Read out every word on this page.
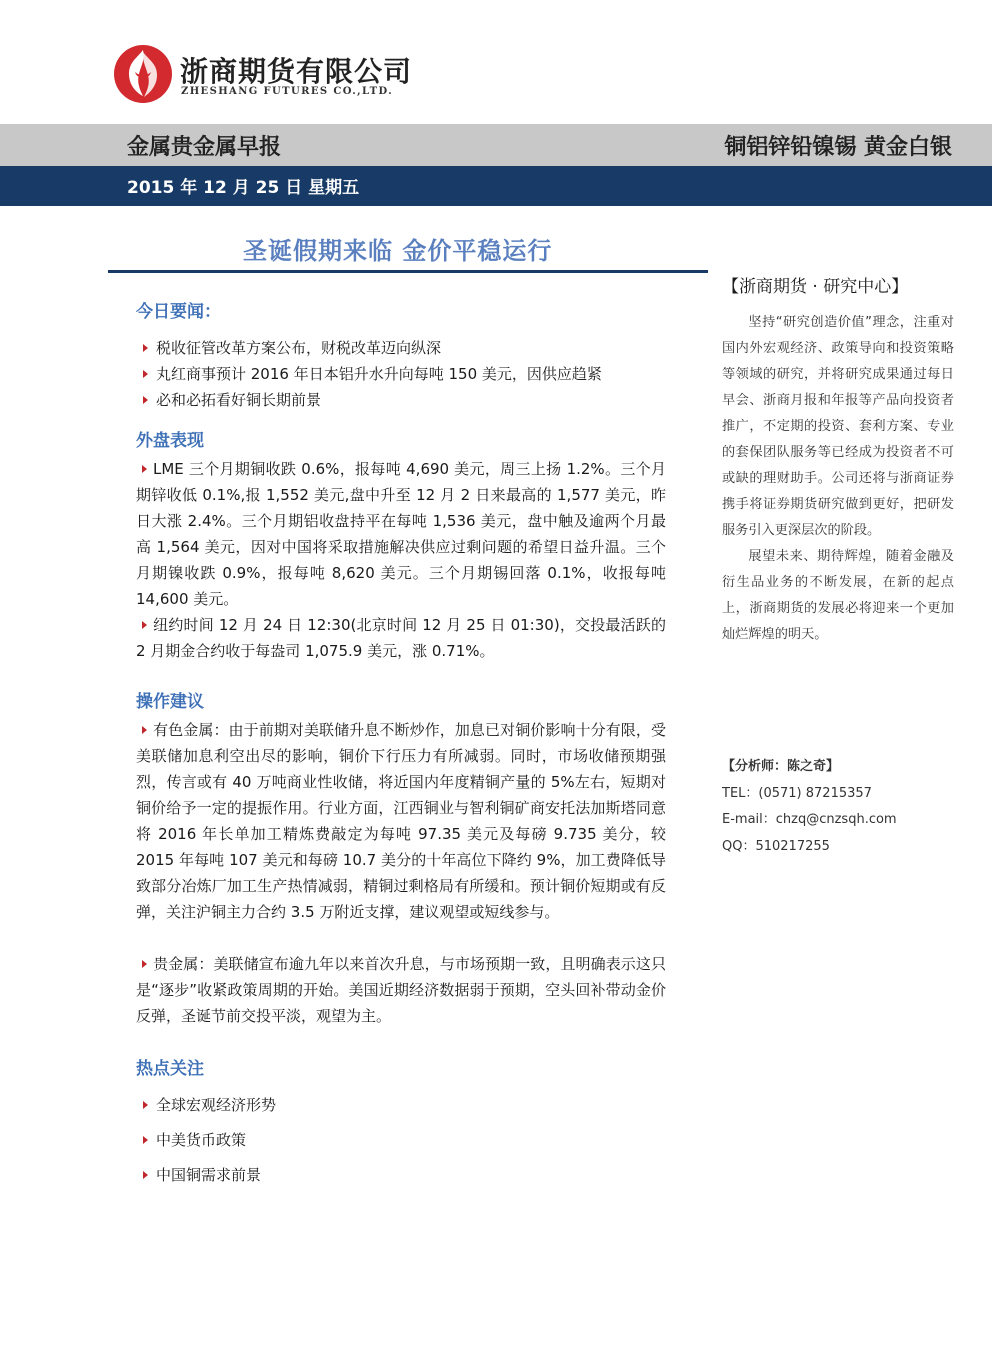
浙商期货有限公司
ZHESHANG FUTURES CO.,LTD.
金属贵金属早报	铜铝锌铅镍锡 黄金白银
2015 年 12 月 25 日 星期五
圣诞假期来临 金价平稳运行
今日要闻：
税收征管改革方案公布，财税改革迈向纵深
丸红商事预计 2016 年日本铝升水升向每吨 150 美元，因供应趋紧
必和必拓看好铜长期前景
外盘表现

LME 三个月期铜收跌 0.6%，报每吨 4,690 美元，周三上扬 1.2%。三个月期锌收低 0.1%,报 1,552 美元,盘中升至 12 月 2 日来最高的 1,577 美元，昨日大涨 2.4%。三个月期铝收盘持平在每吨 1,536 美元，盘中触及逾两个月最高 1,564 美元，因对中国将采取措施解决供应过剩问题的希望日益升温。三个月期镍收跌 0.9%，报每吨 8,620 美元。三个月期锡回落 0.1%，收报每吨 14,600 美元。

纽约时间 12 月 24 日 12:30(北京时间 12 月 25 日 01:30)，交投最活跃的 2 月期金合约收于每盎司 1,075.9 美元，涨 0.71%。

操作建议

有色金属：由于前期对美联储升息不断炒作，加息已对铜价影响十分有限，受美联储加息利空出尽的影响，铜价下行压力有所减弱。同时，市场收储预期强烈，传言或有 40 万吨商业性收储，将近国内年度精铜产量的 5%左右，短期对铜价给予一定的提振作用。行业方面，江西铜业与智利铜矿商安托法加斯塔同意将 2016 年长单加工精炼费敲定为每吨 97.35 美元及每磅 9.735 美分，较 2015 年每吨 107 美元和每磅 10.7 美分的十年高位下降约 9%，加工费降低导致部分冶炼厂加工生产热情减弱，精铜过剩格局有所缓和。预计铜价短期或有反弹，关注沪铜主力合约 3.5 万附近支撑，建议观望或短线参与。

贵金属：美联储宣布逾九年以来首次升息，与市场预期一致，且明确表示这只是“逐步”收紧政策周期的开始。美国近期经济数据弱于预期，空头回补带动金价反弹，圣诞节前交投平淡，观望为主。

热点关注
全球宏观经济形势
中美货币政策
中国铜需求前景
【浙商期货 · 研究中心】

坚持“研究创造价值”理念，注重对国内外宏观经济、政策导向和投资策略等领域的研究，并将研究成果通过每日早会、浙商月报和年报等产品向投资者推广，不定期的投资、套利方案、专业的套保团队服务等已经成为投资者不可或缺的理财助手。公司还将与浙商证券携手将证券期货研究做到更好，把研发服务引入更深层次的阶段。

展望未来、期待辉煌，随着金融及衍生品业务的不断发展，在新的起点上，浙商期货的发展必将迎来一个更加灿烂辉煌的明天。

【分析师：陈之奇】
TEL：(0571) 87215357
E-mail：chzq@cnzsqh.com
QQ：510217255
